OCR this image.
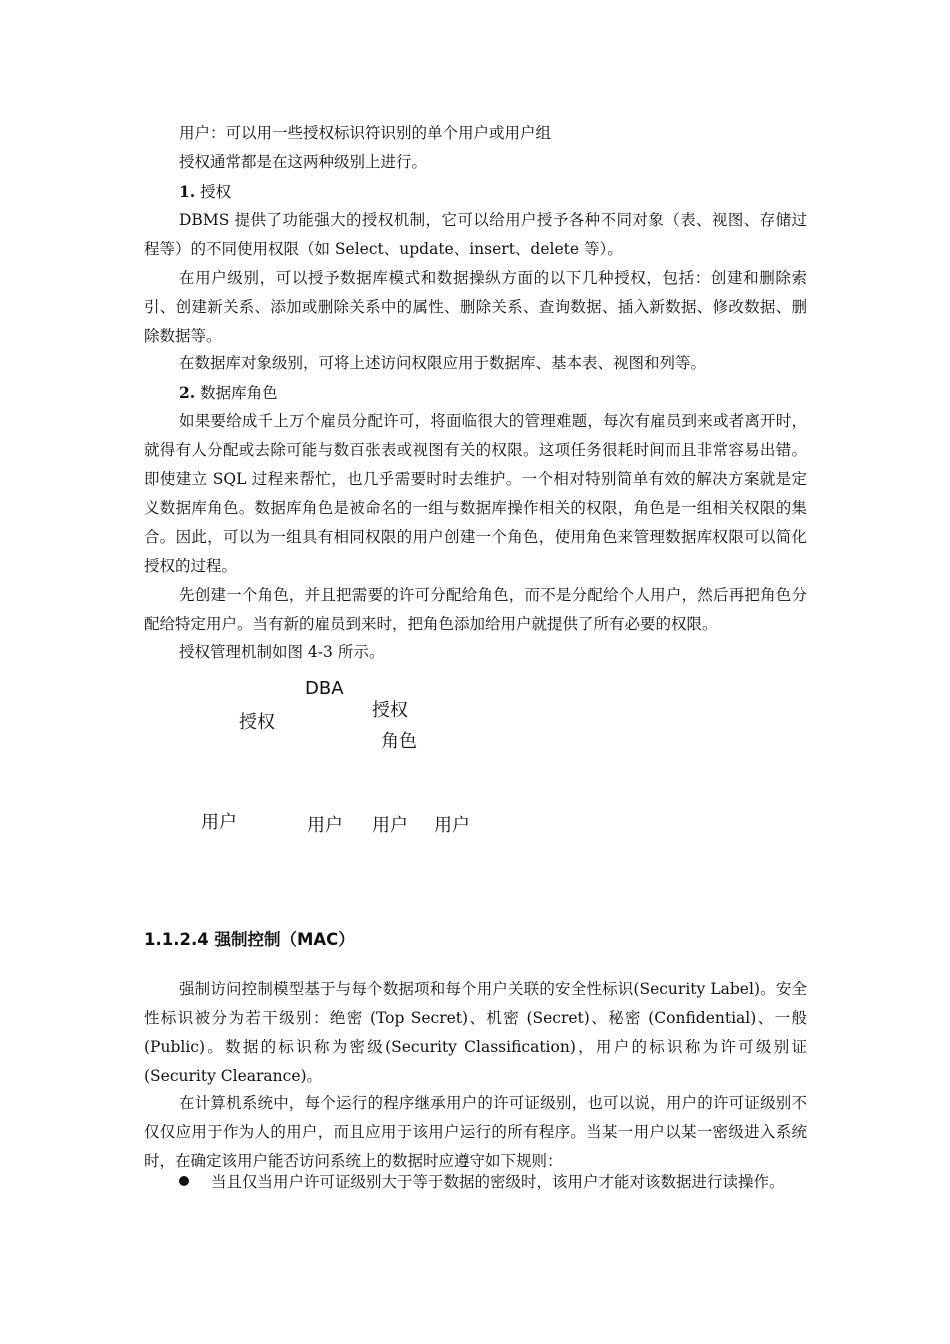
用户：可以用一些授权标识符识别的单个用户或用户组

授权通常都是在这两种级别上进行。

1. 授权

DBMS 提供了功能强大的授权机制，它可以给用户授予各种不同对象（表、视图、存储过程等）的不同使用权限（如 Select、update、insert、delete 等）。

在用户级别，可以授予数据库模式和数据操纵方面的以下几种授权，包括：创建和删除索引、创建新关系、添加或删除关系中的属性、删除关系、查询数据、插入新数据、修改数据、删除数据等。

在数据库对象级别，可将上述访问权限应用于数据库、基本表、视图和列等。

2. 数据库角色

如果要给成千上万个雇员分配许可，将面临很大的管理难题，每次有雇员到来或者离开时，就得有人分配或去除可能与数百张表或视图有关的权限。这项任务很耗时间而且非常容易出错。即使建立 SQL 过程来帮忙，也几乎需要时时去维护。一个相对特别简单有效的解决方案就是定义数据库角色。数据库角色是被命名的一组与数据库操作相关的权限，角色是一组相关权限的集合。因此，可以为一组具有相同权限的用户创建一个角色，使用角色来管理数据库权限可以简化授权的过程。

先创建一个角色，并且把需要的许可分配给角色，而不是分配给个人用户，然后再把角色分配给特定用户。当有新的雇员到来时，把角色添加给用户就提供了所有必要的权限。

授权管理机制如图 4-3 所示。

DBA
授权
授权
角色
用户	用户 用户 用户
1.1.2.4 强制控制（MAC）

强制访问控制模型基于与每个数据项和每个用户关联的安全性标识(Security Label)。安全性标识被分为若干级别：绝密 (Top Secret)、机密 (Secret)、秘密 (Confidential)、一般(Public)。数据的标识称为密级(Security Classification)，用户的标识称为许可级别证(Security Clearance)。

在计算机系统中，每个运行的程序继承用户的许可证级别，也可以说，用户的许可证级别不仅仅应用于作为人的用户，而且应用于该用户运行的所有程序。当某一用户以某一密级进入系统时，在确定该用户能否访问系统上的数据时应遵守如下规则：

当且仅当用户许可证级别大于等于数据的密级时，该用户才能对该数据进行读操作。
